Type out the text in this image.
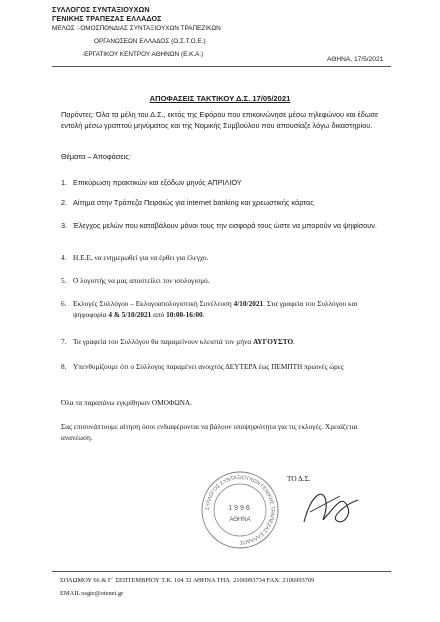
ΣΥΛΛΟΓΟΣ ΣΥΝΤΑΞΙΟΥΧΩΝ
ΓΕΝΙΚΗΣ ΤΡΑΠΕΖΑΣ ΕΛΛΑΔΟΣ
ΜΕΛΟΣ :-ΟΜΟΣΠΟΝΔΙΑΣ ΣΥΝΤΑΞΙΟΥΧΩΝ ΤΡΑΠΕΖΙΚΩΝ
ΟΡΓΑΝΩΣΕΩΝ ΕΛΛΑΔΟΣ (Ο.Σ.Τ.Ο.Ε.)
-ΕΡΓΑΤΙΚΟΥ ΚΕΝΤΡΟΥ ΑΘΗΝΩΝ (Ε.Κ.Α.)
ΑΘΗΝΑ, 17/5/2021
ΑΠΟΦΑΣΕΙΣ ΤΑΚΤΙΚΟΥ Δ.Σ. 17/05/2021
Παρόντες: Όλα τα μέλη του Δ.Σ., εκτός της Εφόρου που επικοινώνησε μέσω τηλεφώνου και έδωσε εντολή μέσω γραπτού μηνύματος και της Νομικής Συμβούλου που απουσίαζε λόγω δικαστηρίου.
Θέματα – Αποφάσεις:
1. Επικύρωση πρακτικών και εξόδων μηνός ΑΠΡΙΛΙΟΥ
2. Αίτημα στην Τράπεζα Πειραιώς για internet banking και χρεωστικής κάρτας
3. Έλεγχος μελών που καταβάλουν μόνοι τους την εισφορά τους ώστε να μπορούν να ψηφίσουν.
4. Η.Ε.Ε, να ενημερωθεί για να έρθει για έλεγχο.
5. Ο λογιστής να μας αποστείλει τον ισολογισμό.
6. Εκλογές Συλλόγου – Εκλογοαπολογιστική Συνέλευση 4/10/2021. Στα γραφεία του Συλλόγου και ψηφοφορία 4 & 5/10/2021 από 10:00-16:00.
7. Τα γραφεία του Συλλόγου θα παραμείνουν κλειστά τον μήνα ΑΥΓΟΥΣΤΟ.
8. Υπενθυμίζουμε ότι ο Σύλλογος παραμένει ανοιχτός ΔΕΥΤΕΡΑ έως ΠΕΜΠΤΗ πρωινές ώρες
Όλα τα παραπάνω εγκρίθηκαν ΟΜΟΦΩΝΑ.
Σας επισυνάπτουμε αίτηση όσοι ενδιαφέρονται να βάλουν υποψηφιότητα για τις εκλογές. Χρειάζεται ανανέωση.
ΤΟ Δ.Σ.
ΣΥΛΛΟΓΟΣ ΣΥΝΤΑΞΙΟΥΧΩΝ ΓΕΝΙΚΗΣ ΤΡΑΠΕΖΑΣ ΕΛΛΑΔΟΣ
1996
ΑΘΗΝΑ
ΣΟΛΩΜΟΥ 66 & Γ΄ ΣΕΠΤΕΜΒΡΙΟΥ Τ.Κ. 104 32 ΑΘΗΝΑ ΤΗΛ. 2106993734 FAX: 2106993709
EMAIL:ssgte@otenet.gr
